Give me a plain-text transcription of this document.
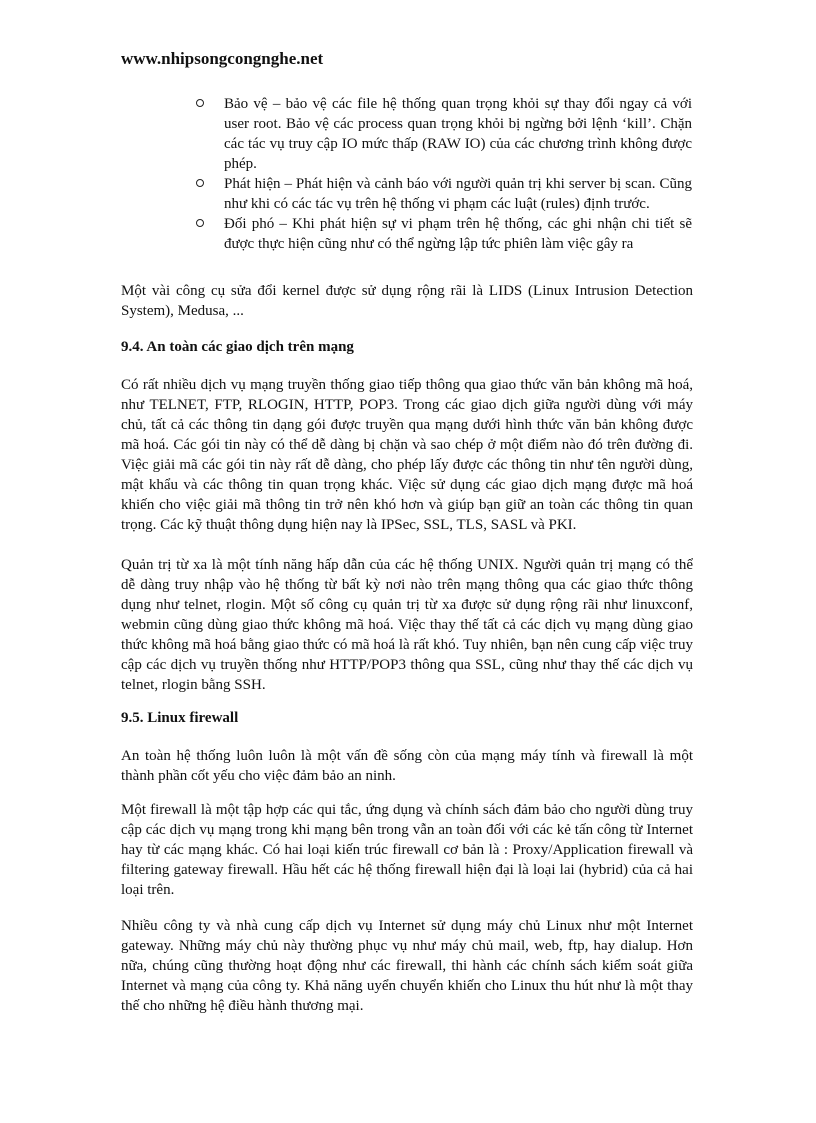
www.nhipsongcongnghe.net
Bảo vệ – bảo vệ các file hệ thống quan trọng khỏi sự thay đổi ngay cả với user root. Bảo vệ các process quan trọng khỏi bị ngừng bởi lệnh ‘kill’. Chặn các tác vụ truy cập IO mức thấp (RAW IO) của các chương trình không được phép.
Phát hiện – Phát hiện và cảnh báo với người quản trị khi server bị scan. Cũng như khi có các tác vụ trên hệ thống vi phạm các luật (rules) định trước.
Đối phó – Khi phát hiện sự vi phạm trên hệ thống, các ghi nhận chi tiết sẽ được thực hiện cũng như có thể ngừng lập tức phiên làm việc gây ra

Một vài công cụ sửa đổi kernel được sử dụng rộng rãi là LIDS (Linux Intrusion Detection System), Medusa, ...

9.4. An toàn các giao dịch trên mạng

Có rất nhiều dịch vụ mạng truyền thống giao tiếp thông qua giao thức văn bản không mã hoá, như TELNET, FTP, RLOGIN, HTTP, POP3. Trong các giao dịch giữa người dùng với máy chủ, tất cả các thông tin dạng gói được truyền qua mạng dưới hình thức văn bản không được mã hoá. Các gói tin này có thể dễ dàng bị chặn và sao chép ở một điểm nào đó trên đường đi. Việc giải mã các gói tin này rất dễ dàng, cho phép lấy được các thông tin như tên người dùng, mật khẩu và các thông tin quan trọng khác. Việc sử dụng các giao dịch mạng được mã hoá khiến cho việc giải mã thông tin trở nên khó hơn và giúp bạn giữ an toàn các thông tin quan trọng. Các kỹ thuật thông dụng hiện nay là IPSec, SSL, TLS, SASL và PKI.

Quản trị từ xa là một tính năng hấp dẫn của các hệ thống UNIX. Người quản trị mạng có thể dễ dàng truy nhập vào hệ thống từ bất kỳ nơi nào trên mạng thông qua các giao thức thông dụng như telnet, rlogin. Một số công cụ quản trị từ xa được sử dụng rộng rãi như linuxconf, webmin cũng dùng giao thức không mã hoá. Việc thay thế tất cả các dịch vụ mạng dùng giao thức không mã hoá bằng giao thức có mã hoá là rất khó. Tuy nhiên, bạn nên cung cấp việc truy cập các dịch vụ truyền thống như HTTP/POP3 thông qua SSL, cũng như thay thế các dịch vụ telnet, rlogin bằng SSH.

9.5. Linux firewall

An toàn hệ thống luôn luôn là một vấn đề sống còn của mạng máy tính và firewall là một thành phần cốt yếu cho việc đảm bảo an ninh.

Một firewall là một tập hợp các qui tắc, ứng dụng và chính sách đảm bảo cho người dùng truy cập các dịch vụ mạng trong khi mạng bên trong vẫn an toàn đối với các kẻ tấn công từ Internet hay từ các mạng khác. Có hai loại kiến trúc firewall cơ bản là : Proxy/Application firewall và filtering gateway firewall. Hầu hết các hệ thống firewall hiện đại là loại lai (hybrid) của cả hai loại trên.

Nhiều công ty và nhà cung cấp dịch vụ Internet sử dụng máy chủ Linux như một Internet gateway. Những máy chủ này thường phục vụ như máy chủ mail, web, ftp, hay dialup. Hơn nữa, chúng cũng thường hoạt động như các firewall, thi hành các chính sách kiểm soát giữa Internet và mạng của công ty. Khả năng uyển chuyển khiến cho Linux thu hút như là một thay thế cho những hệ điều hành thương mại.
